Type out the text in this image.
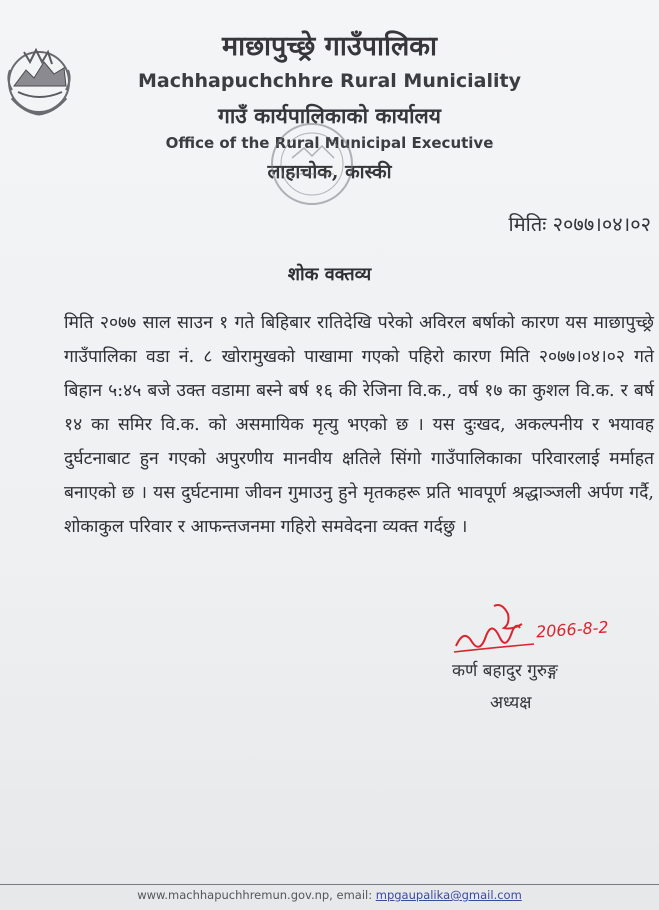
माछापुच्छ्रे गाउँपालिका
Machhapuchchhre Rural Municiality
गाउँ कार्यपालिकाको कार्यालय
Office of the Rural Municipal Executive
लाहाचोक, कास्की
मितिः २०७७।०४।०२
शोक वक्तव्य
मिति २०७७ साल साउन १ गते बिहिबार रातिदेखि परेको अविरल बर्षाको कारण यस माछापुच्छ्रे गाउँपालिका वडा नं. ८ खोरामुखको पाखामा गएको पहिरो कारण मिति २०७७।०४।०२ गते बिहान ५:४५ बजे उक्त वडामा बस्ने बर्ष १६ की रेजिना वि.क., वर्ष १७ का कुशल वि.क. र बर्ष १४ का समिर वि.क. को असमायिक मृत्यु भएको छ । यस दुःखद, अकल्पनीय र भयावह दुर्घटनाबाट हुन गएको अपुरणीय मानवीय क्षतिले सिंगो गाउँपालिकाका परिवारलाई मर्माहत बनाएको छ । यस दुर्घटनामा जीवन गुमाउनु हुने मृतकहरू प्रति भावपूर्ण श्रद्धाञ्जली अर्पण गर्दै, शोकाकुल परिवार र आफन्तजनमा गहिरो समवेदना व्यक्त गर्दछु ।
2066-8-2
कर्ण बहादुर गुरुङ्ग
अध्यक्ष
www.machhapuchhremun.gov.np, email: mpgaupalika@gmail.com
